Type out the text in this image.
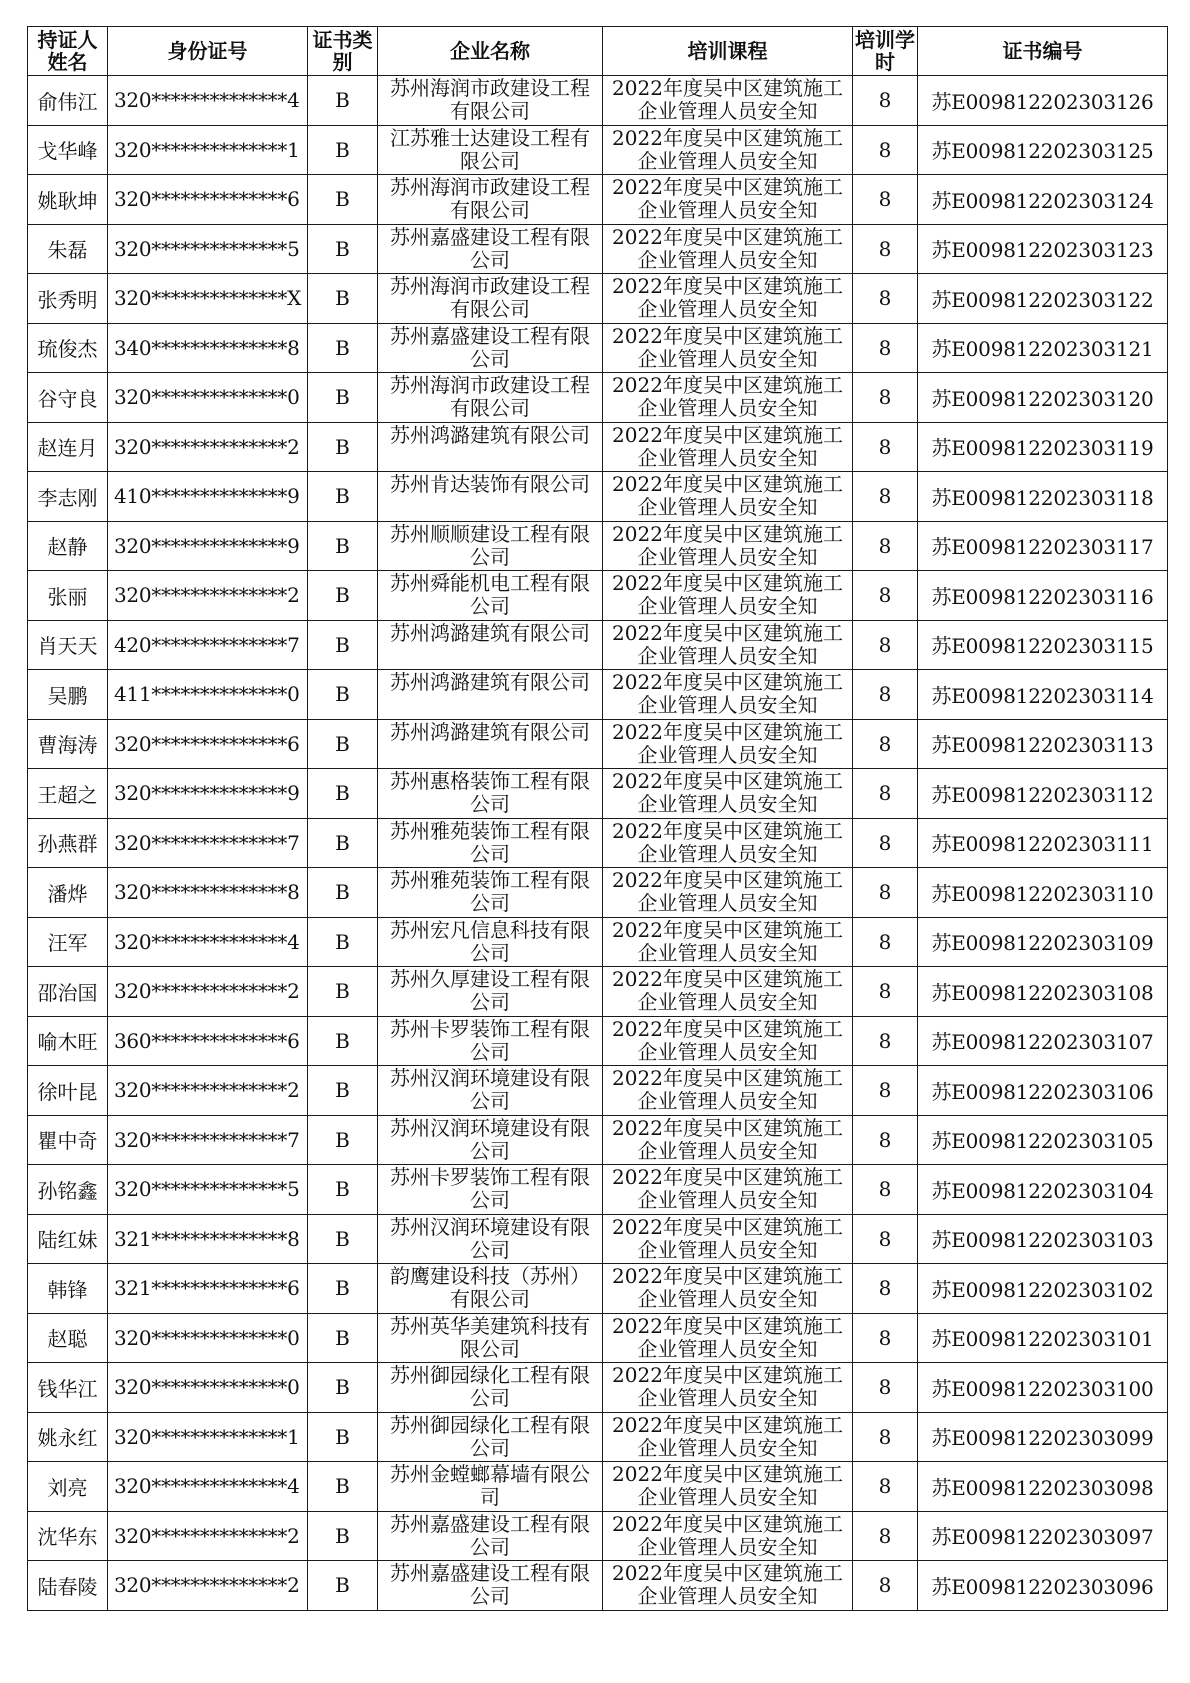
持证人姓名	身份证号	证书类别	企业名称	培训课程	培训学时	证书编号
俞伟江	320**************4	B	苏州海润市政建设工程有限公司	2022年度吴中区建筑施工企业管理人员安全知	8	苏E009812202303126
戈华峰	320**************1	B	江苏雅士达建设工程有限公司	2022年度吴中区建筑施工企业管理人员安全知	8	苏E009812202303125
姚耿坤	320**************6	B	苏州海润市政建设工程有限公司	2022年度吴中区建筑施工企业管理人员安全知	8	苏E009812202303124
朱磊	320**************5	B	苏州嘉盛建设工程有限公司	2022年度吴中区建筑施工企业管理人员安全知	8	苏E009812202303123
张秀明	320**************X	B	苏州海润市政建设工程有限公司	2022年度吴中区建筑施工企业管理人员安全知	8	苏E009812202303122
琉俊杰	340**************8	B	苏州嘉盛建设工程有限公司	2022年度吴中区建筑施工企业管理人员安全知	8	苏E009812202303121
谷守良	320**************0	B	苏州海润市政建设工程有限公司	2022年度吴中区建筑施工企业管理人员安全知	8	苏E009812202303120
赵连月	320**************2	B	苏州鸿潞建筑有限公司	2022年度吴中区建筑施工企业管理人员安全知	8	苏E009812202303119
李志刚	410**************9	B	苏州肯达装饰有限公司	2022年度吴中区建筑施工企业管理人员安全知	8	苏E009812202303118
赵静	320**************9	B	苏州顺顺建设工程有限公司	2022年度吴中区建筑施工企业管理人员安全知	8	苏E009812202303117
张丽	320**************2	B	苏州舜能机电工程有限公司	2022年度吴中区建筑施工企业管理人员安全知	8	苏E009812202303116
肖天天	420**************7	B	苏州鸿潞建筑有限公司	2022年度吴中区建筑施工企业管理人员安全知	8	苏E009812202303115
吴鹏	411**************0	B	苏州鸿潞建筑有限公司	2022年度吴中区建筑施工企业管理人员安全知	8	苏E009812202303114
曹海涛	320**************6	B	苏州鸿潞建筑有限公司	2022年度吴中区建筑施工企业管理人员安全知	8	苏E009812202303113
王超之	320**************9	B	苏州惠格装饰工程有限公司	2022年度吴中区建筑施工企业管理人员安全知	8	苏E009812202303112
孙燕群	320**************7	B	苏州雅苑装饰工程有限公司	2022年度吴中区建筑施工企业管理人员安全知	8	苏E009812202303111
潘烨	320**************8	B	苏州雅苑装饰工程有限公司	2022年度吴中区建筑施工企业管理人员安全知	8	苏E009812202303110
汪军	320**************4	B	苏州宏凡信息科技有限公司	2022年度吴中区建筑施工企业管理人员安全知	8	苏E009812202303109
邵治国	320**************2	B	苏州久厚建设工程有限公司	2022年度吴中区建筑施工企业管理人员安全知	8	苏E009812202303108
喻木旺	360**************6	B	苏州卡罗装饰工程有限公司	2022年度吴中区建筑施工企业管理人员安全知	8	苏E009812202303107
徐叶昆	320**************2	B	苏州汉润环境建设有限公司	2022年度吴中区建筑施工企业管理人员安全知	8	苏E009812202303106
瞿中奇	320**************7	B	苏州汉润环境建设有限公司	2022年度吴中区建筑施工企业管理人员安全知	8	苏E009812202303105
孙铭鑫	320**************5	B	苏州卡罗装饰工程有限公司	2022年度吴中区建筑施工企业管理人员安全知	8	苏E009812202303104
陆红妹	321**************8	B	苏州汉润环境建设有限公司	2022年度吴中区建筑施工企业管理人员安全知	8	苏E009812202303103
韩锋	321**************6	B	韵鹰建设科技（苏州）有限公司	2022年度吴中区建筑施工企业管理人员安全知	8	苏E009812202303102
赵聪	320**************0	B	苏州英华美建筑科技有限公司	2022年度吴中区建筑施工企业管理人员安全知	8	苏E009812202303101
钱华江	320**************0	B	苏州御园绿化工程有限公司	2022年度吴中区建筑施工企业管理人员安全知	8	苏E009812202303100
姚永红	320**************1	B	苏州御园绿化工程有限公司	2022年度吴中区建筑施工企业管理人员安全知	8	苏E009812202303099
刘亮	320**************4	B	苏州金螳螂幕墙有限公司	2022年度吴中区建筑施工企业管理人员安全知	8	苏E009812202303098
沈华东	320**************2	B	苏州嘉盛建设工程有限公司	2022年度吴中区建筑施工企业管理人员安全知	8	苏E009812202303097
陆春陵	320**************2	B	苏州嘉盛建设工程有限公司	2022年度吴中区建筑施工企业管理人员安全知	8	苏E009812202303096
